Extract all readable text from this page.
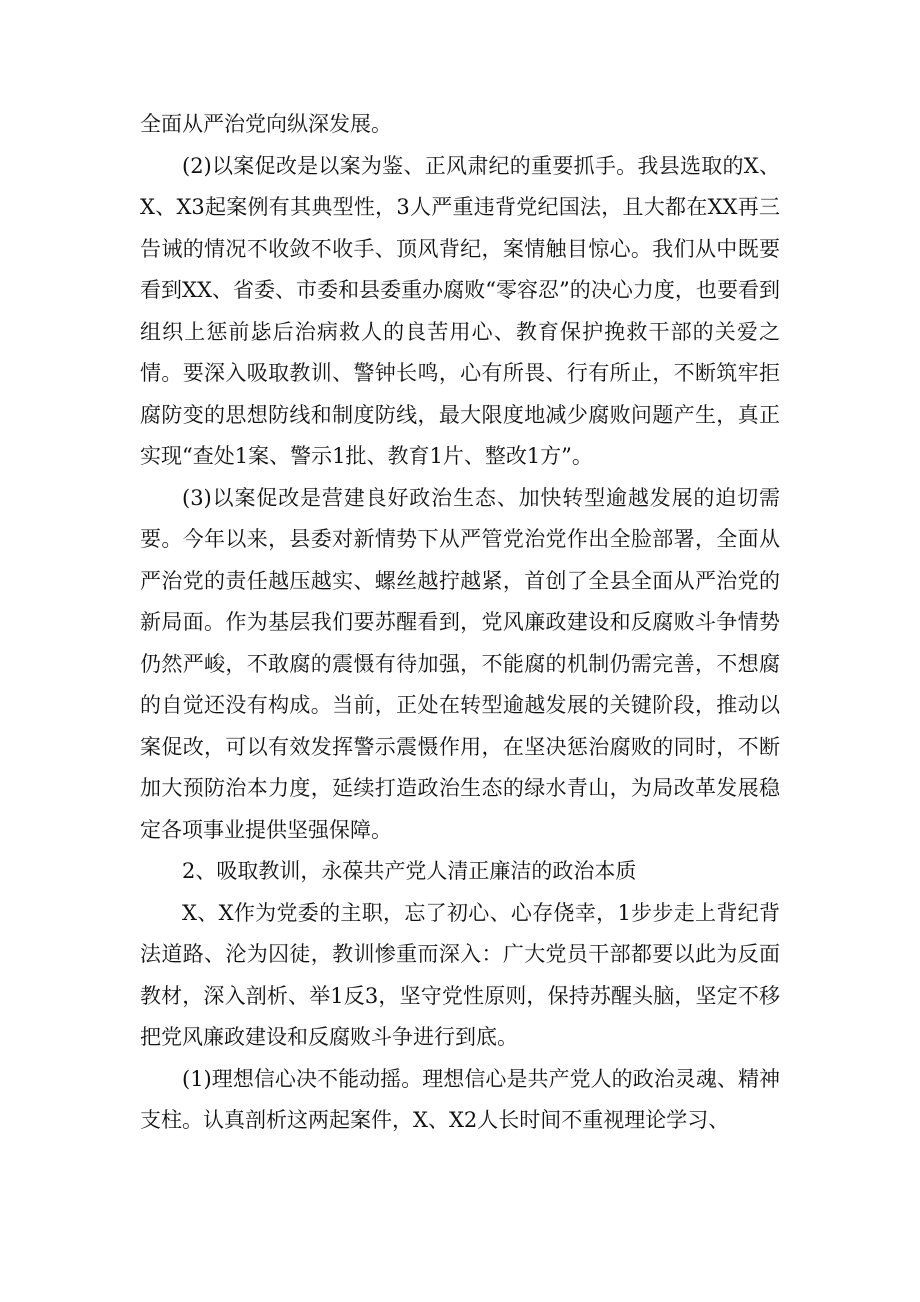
全面从严治党向纵深发展。

(2)以案促改是以案为鉴、正风肃纪的重要抓手。我县选取的X、X、X3起案例有其典型性，3人严重违背党纪国法，且大都在XX再三告诫的情况不收敛不收手、顶风背纪，案情触目惊心。我们从中既要看到XX、省委、市委和县委重办腐败“零容忍”的决心力度，也要看到组织上惩前毖后治病救人的良苦用心、教育保护挽救干部的关爱之情。要深入吸取教训、警钟长鸣，心有所畏、行有所止，不断筑牢拒腐防变的思想防线和制度防线，最大限度地减少腐败问题产生，真正实现“查处1案、警示1批、教育1片、整改1方”。

(3)以案促改是营建良好政治生态、加快转型逾越发展的迫切需要。今年以来，县委对新情势下从严管党治党作出全脸部署，全面从严治党的责任越压越实、螺丝越拧越紧，首创了全县全面从严治党的新局面。作为基层我们要苏醒看到，党风廉政建设和反腐败斗争情势仍然严峻，不敢腐的震慑有待加强，不能腐的机制仍需完善，不想腐的自觉还没有构成。当前，正处在转型逾越发展的关键阶段，推动以案促改，可以有效发挥警示震慑作用，在坚决惩治腐败的同时，不断加大预防治本力度，延续打造政治生态的绿水青山，为局改革发展稳定各项事业提供坚强保障。

2、吸取教训，永葆共产党人清正廉洁的政治本质

X、X作为党委的主职，忘了初心、心存侥幸，1步步走上背纪背法道路、沦为囚徒，教训惨重而深入：广大党员干部都要以此为反面教材，深入剖析、举1反3，坚守党性原则，保持苏醒头脑，坚定不移把党风廉政建设和反腐败斗争进行到底。

(1)理想信心决不能动摇。理想信心是共产党人的政治灵魂、精神支柱。认真剖析这两起案件，X、X2人长时间不重视理论学习、
